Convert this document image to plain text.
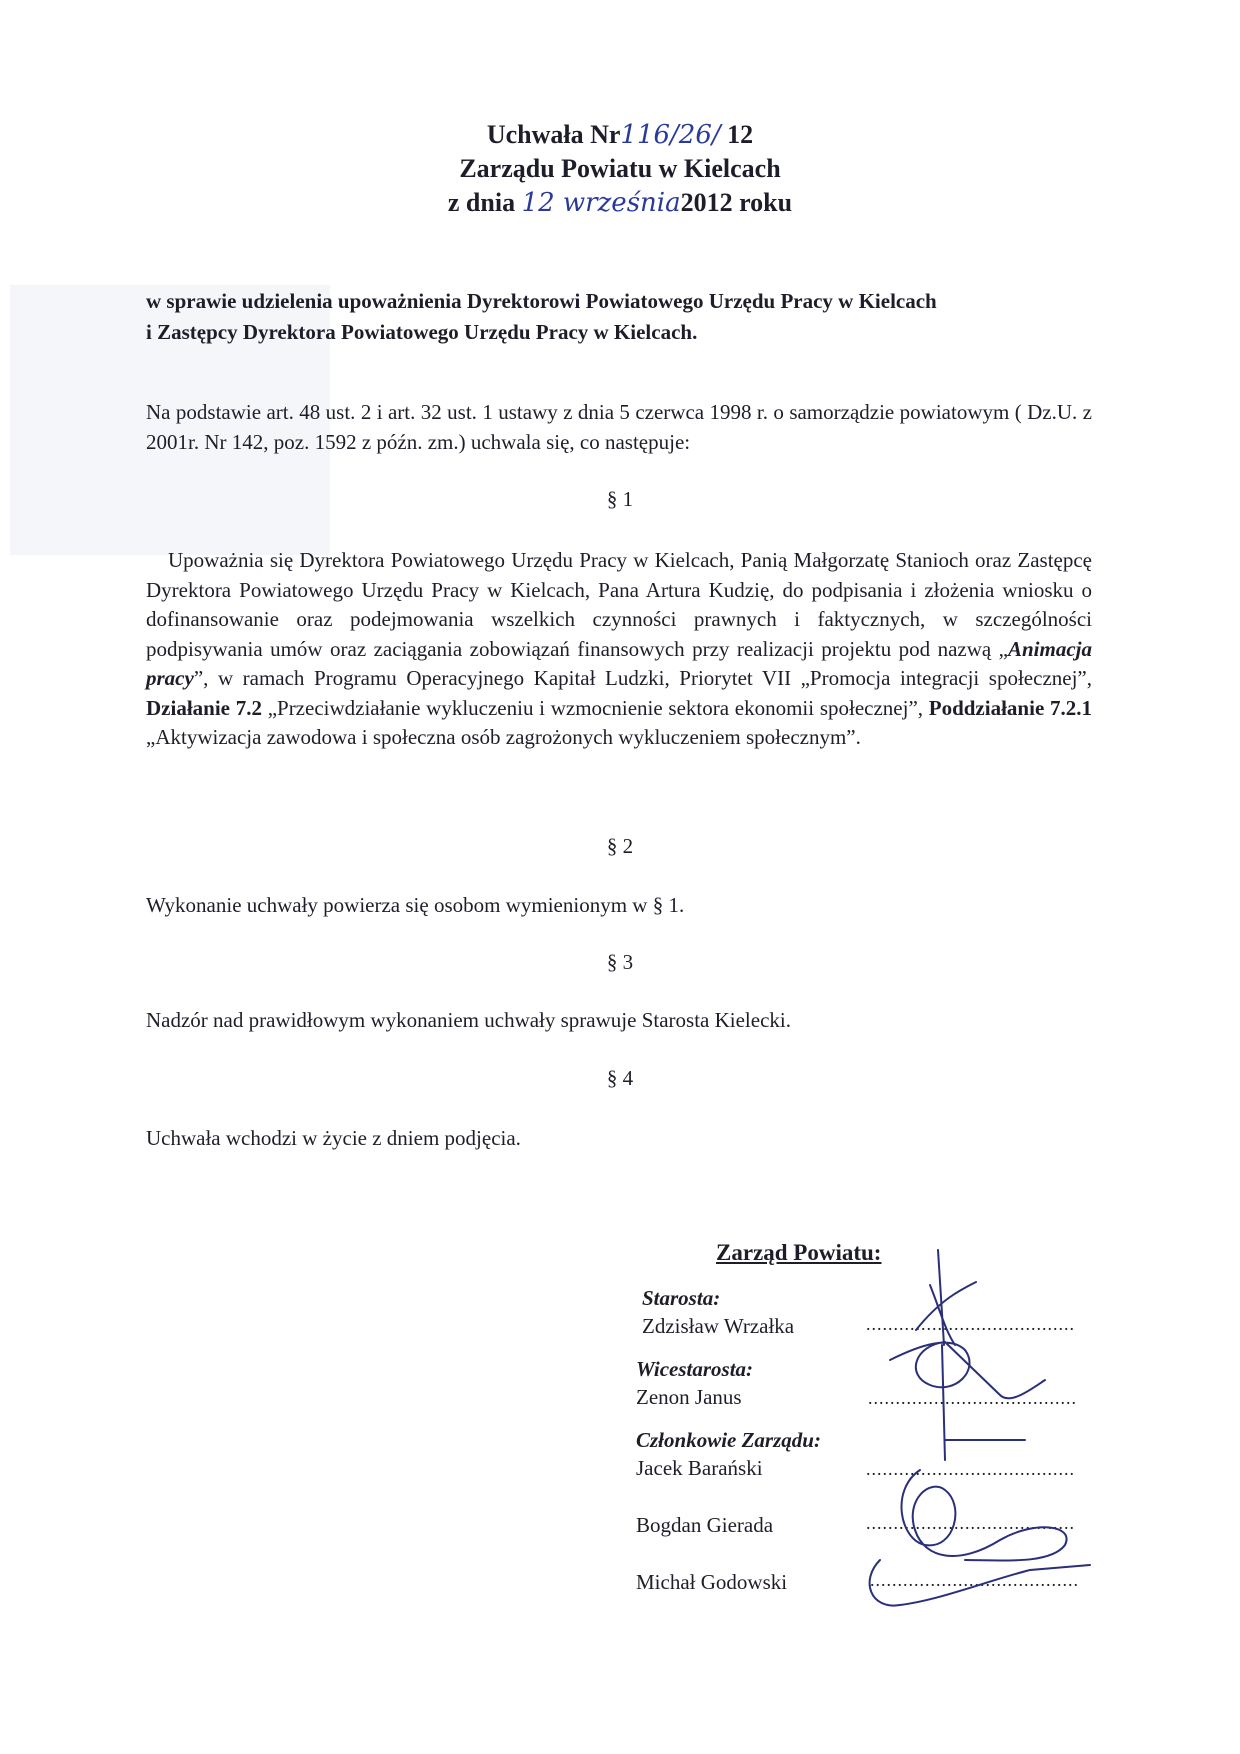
Uchwała Nr116/26/ 12
Zarządu Powiatu w Kielcach
z dnia 12 września2012 roku
w sprawie udzielenia upoważnienia Dyrektorowi Powiatowego Urzędu Pracy w Kielcach
i Zastępcy Dyrektora Powiatowego Urzędu Pracy w Kielcach.
Na podstawie art. 48 ust. 2 i art. 32 ust. 1 ustawy z dnia 5 czerwca 1998 r. o samorządzie powiatowym ( Dz.U. z 2001r. Nr 142, poz. 1592 z późn. zm.) uchwala się, co następuje:
§ 1
Upoważnia się Dyrektora Powiatowego Urzędu Pracy w Kielcach, Panią Małgorzatę Stanioch oraz Zastępcę Dyrektora Powiatowego Urzędu Pracy w Kielcach, Pana Artura Kudzię, do podpisania i złożenia wniosku o dofinansowanie oraz podejmowania wszelkich czynności prawnych i faktycznych, w szczególności podpisywania umów oraz zaciągania zobowiązań finansowych przy realizacji projektu pod nazwą „Animacja pracy”, w ramach Programu Operacyjnego Kapitał Ludzki, Priorytet VII „Promocja integracji społecznej”, Działanie 7.2 „Przeciwdziałanie wykluczeniu i wzmocnienie sektora ekonomii społecznej”, Poddziałanie 7.2.1 „Aktywizacja zawodowa i społeczna osób zagrożonych wykluczeniem społecznym”.
§ 2
Wykonanie uchwały powierza się osobom wymienionym w § 1.
§ 3
Nadzór nad prawidłowym wykonaniem uchwały sprawuje Starosta Kielecki.
§ 4
Uchwała wchodzi w życie z dniem podjęcia.
Zarząd Powiatu:
Starosta:
Zdzisław Wrzałka	......................................
Wicestarosta:
Zenon Janus	......................................
Członkowie Zarządu:
Jacek Barański	......................................
Bogdan Gierada	......................................
Michał Godowski	......................................
